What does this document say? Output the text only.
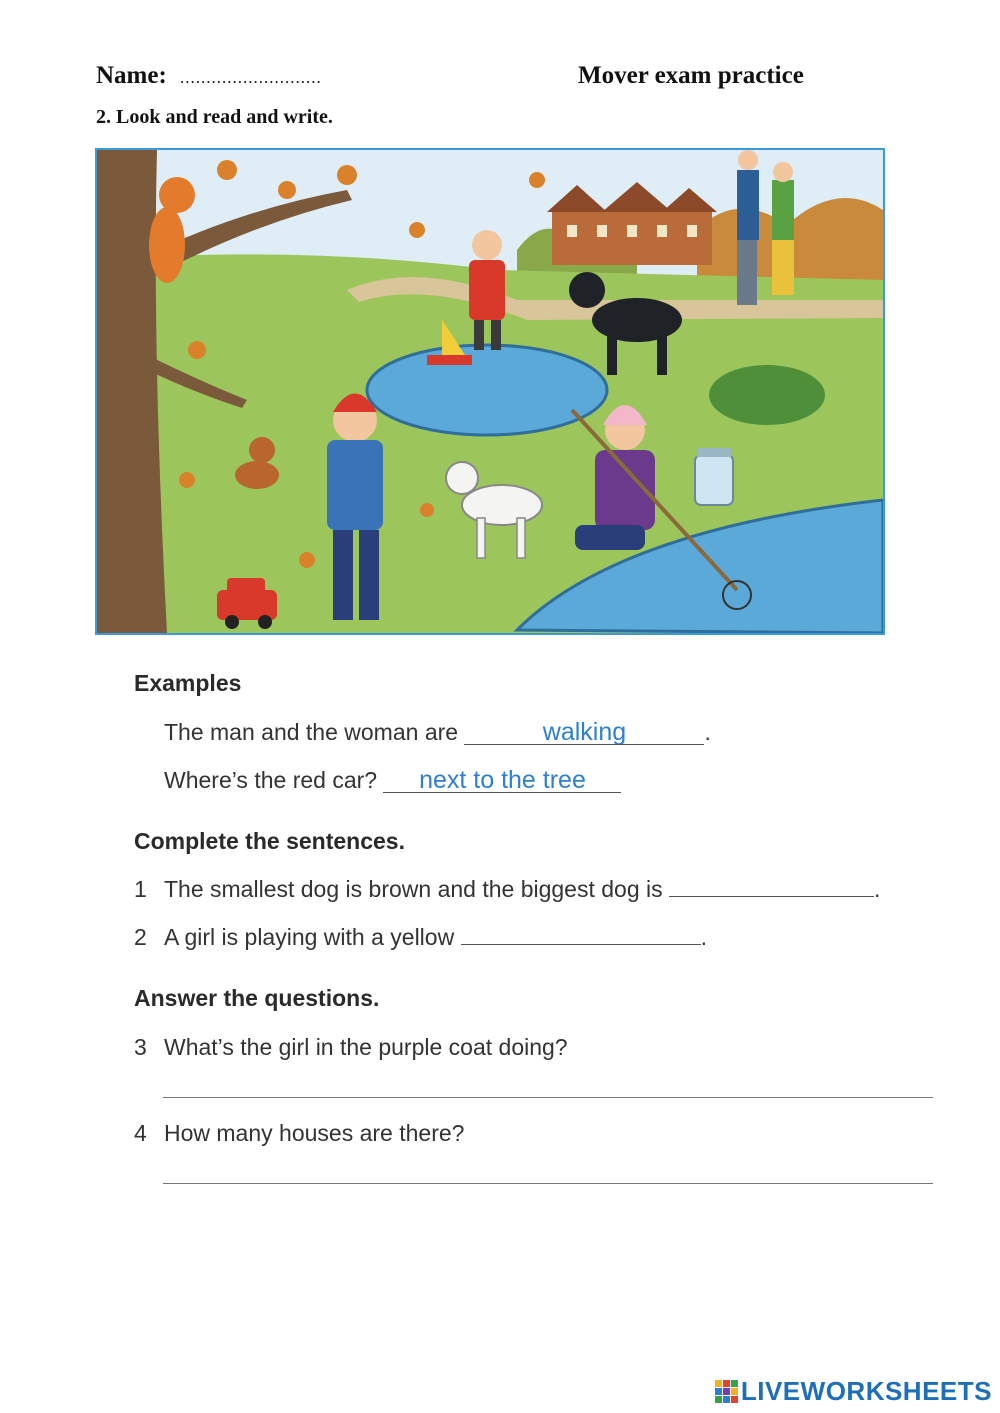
Name: ...........................	Mover exam practice
2. Look and read and write.
Examples
The man and the woman are	walking	.
Where’s the red car? next to the tree
Complete the sentences.
1 The smallest dog is brown and the biggest dog is	.
2 A girl is playing with a yellow	.
Answer the questions.
3 What’s the girl in the purple coat doing?
4 How many houses are there?
LIVEWORKSHEETS
